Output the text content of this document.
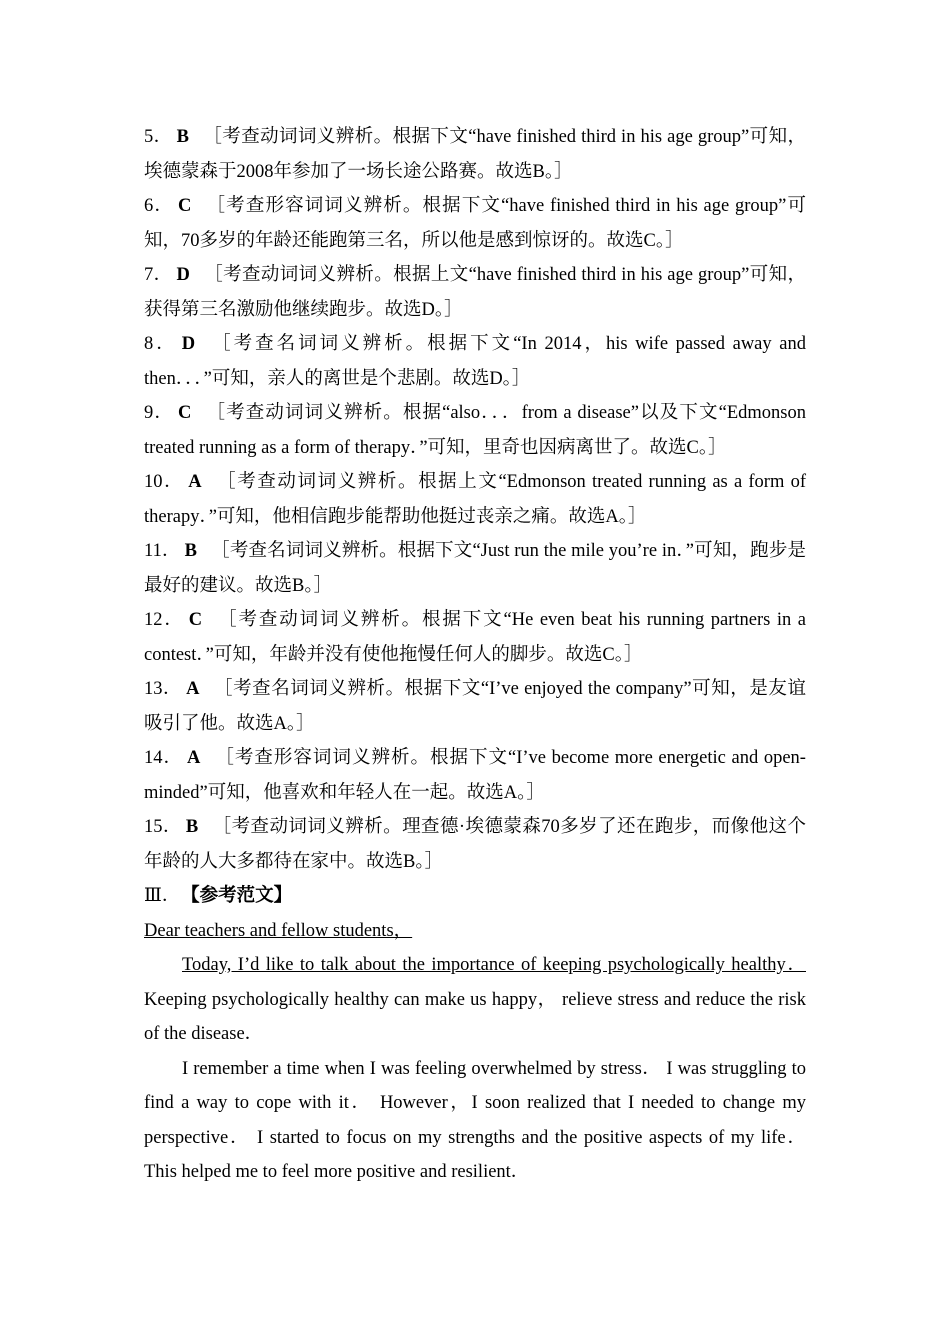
5． B ［考查动词词义辨析。根据下文“have finished third in his age group”可知，埃德蒙森于2008年参加了一场长途公路赛。故选B。］

6． C ［考查形容词词义辨析。根据下文“have finished third in his age group”可知，70多岁的年龄还能跑第三名，所以他是感到惊讶的。故选C。］

7． D ［考查动词词义辨析。根据上文“have finished third in his age group”可知，获得第三名激励他继续跑步。故选D。］

8． D ［考查名词词义辨析。根据下文“In 2014，his wife passed away and then．．．”可知，亲人的离世是个悲剧。故选D。］

9． C ［考查动词词义辨析。根据“also．．．from a disease”以及下文“Edmonson treated running as a form of therapy．”可知，里奇也因病离世了。故选C。］

10． A ［考查动词词义辨析。根据上文“Edmonson treated running as a form of therapy．”可知，他相信跑步能帮助他挺过丧亲之痛。故选A。］

11． B ［考查名词词义辨析。根据下文“Just run the mile you’re in．”可知，跑步是最好的建议。故选B。］

12． C ［考查动词词义辨析。根据下文“He even beat his running partners in a contest．”可知，年龄并没有使他拖慢任何人的脚步。故选C。］

13． A ［考查名词词义辨析。根据下文“I’ve enjoyed the company”可知，是友谊吸引了他。故选A。］

14． A ［考查形容词词义辨析。根据下文“I’ve become more energetic and open-minded”可知，他喜欢和年轻人在一起。故选A。］

15． B ［考查动词词义辨析。理查德·埃德蒙森70多岁了还在跑步，而像他这个年龄的人大多都待在家中。故选B。］

Ⅲ． 【参考范文】

Dear teachers and fellow students，

Today, I’d like to talk about the importance of keeping psychologically healthy． Keeping psychologically healthy can make us happy， relieve stress and reduce the risk of the disease．

I remember a time when I was feeling overwhelmed by stress． I was struggling to find a way to cope with it． However，I soon realized that I needed to change my perspective． I started to focus on my strengths and the positive aspects of my life． This helped me to feel more positive and resilient．
